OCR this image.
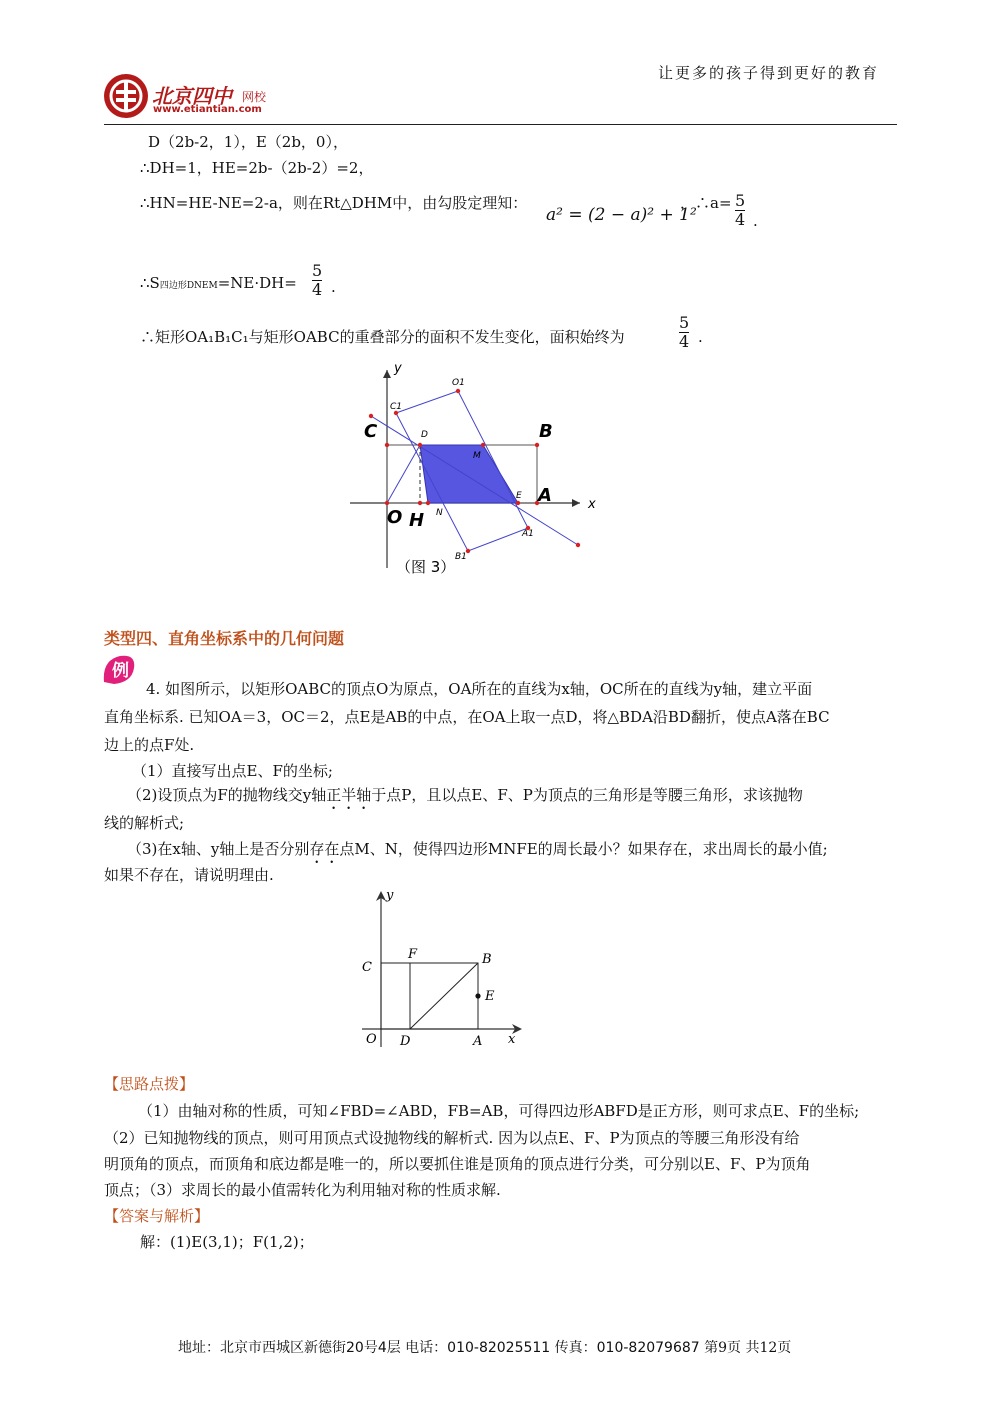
北京四中 网校
www.etiantian.com
让更多的孩子得到更好的教育
D（2b-2，1），E（2b，0），
∴DH=1，HE=2b-（2b-2）=2，
∴HN=HE-NE=2-a，则在Rt△DHM中，由勾股定理知：
a² = (2 − a)² + 1²
，∴a= $\frac{5}{4}$ .
∴S四边形DNEM=NE·DH= $\frac{5}{4}$ .
∴矩形OA₁B₁C₁与矩形OABC的重叠部分的面积不发生变化，面积始终为	$\frac{5}{4}$ .
y
x
O1
C1
C	B
D
M
E A
O H N
B1
A1
（图 3）
类型四、直角坐标系中的几何问题
例
4. 如图所示，以矩形OABC的顶点O为原点，OA所在的直线为x轴，OC所在的直线为y轴，建立平面
直角坐标系. 已知OA＝3，OC＝2，点E是AB的中点，在OA上取一点D，将△BDA沿BD翻折，使点A落在BC
边上的点F处.
（1）直接写出点E、F的坐标;
（2)设顶点为F的抛物线交y轴正半轴于点P，且以点E、F、P为顶点的三角形是等腰三角形，求该抛物
线的解析式;
（3)在x轴、y轴上是否分别存在点M、N，使得四边形MNFE的周长最小？如果存在，求出周长的最小值;
如果不存在，请说明理由.
y
x
C
F	B
E
O D	A
【思路点拨】
（1）由轴对称的性质，可知∠FBD=∠ABD，FB=AB，可得四边形ABFD是正方形，则可求点E、F的坐标;
（2）已知抛物线的顶点，则可用顶点式设抛物线的解析式. 因为以点E、F、P为顶点的等腰三角形没有给
明顶角的顶点，而顶角和底边都是唯一的，所以要抓住谁是顶角的顶点进行分类，可分别以E、F、P为顶角
顶点；（3）求周长的最小值需转化为利用轴对称的性质求解.
【答案与解析】
解：(1)E(3,1)；F(1,2)；
地址：北京市西城区新德街20号4层 电话：010-82025511 传真：010-82079687 第9页 共12页
